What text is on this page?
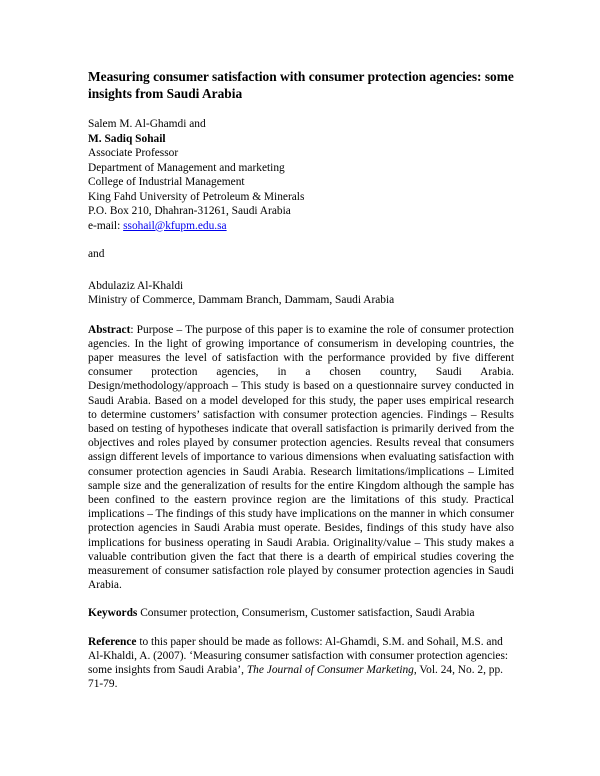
Measuring consumer satisfaction with consumer protection agencies: some insights from Saudi Arabia
Salem M. Al-Ghamdi and
M. Sadiq Sohail
Associate Professor
Department of Management and marketing
College of Industrial Management
King Fahd University of Petroleum & Minerals
P.O. Box 210, Dhahran-31261, Saudi Arabia
e-mail: ssohail@kfupm.edu.sa
and
Abdulaziz Al-Khaldi
Ministry of Commerce, Dammam Branch, Dammam, Saudi Arabia

Abstract: Purpose – The purpose of this paper is to examine the role of consumer protection agencies. In the light of growing importance of consumerism in developing countries, the paper measures the level of satisfaction with the performance provided by five different consumer protection agencies, in a chosen country, Saudi Arabia. Design/methodology/approach – This study is based on a questionnaire survey conducted in Saudi Arabia. Based on a model developed for this study, the paper uses empirical research to determine customers’ satisfaction with consumer protection agencies. Findings – Results based on testing of hypotheses indicate that overall satisfaction is primarily derived from the objectives and roles played by consumer protection agencies. Results reveal that consumers assign different levels of importance to various dimensions when evaluating satisfaction with consumer protection agencies in Saudi Arabia. Research limitations/implications – Limited sample size and the generalization of results for the entire Kingdom although the sample has been confined to the eastern province region are the limitations of this study. Practical implications – The findings of this study have implications on the manner in which consumer protection agencies in Saudi Arabia must operate. Besides, findings of this study have also implications for business operating in Saudi Arabia. Originality/value – This study makes a valuable contribution given the fact that there is a dearth of empirical studies covering the measurement of consumer satisfaction role played by consumer protection agencies in Saudi Arabia.

Keywords Consumer protection, Consumerism, Customer satisfaction, Saudi Arabia

Reference to this paper should be made as follows: Al-Ghamdi, S.M. and Sohail, M.S. and Al-Khaldi, A. (2007). ‘Measuring consumer satisfaction with consumer protection agencies: some insights from Saudi Arabia’, The Journal of Consumer Marketing, Vol. 24, No. 2, pp. 71-79.
